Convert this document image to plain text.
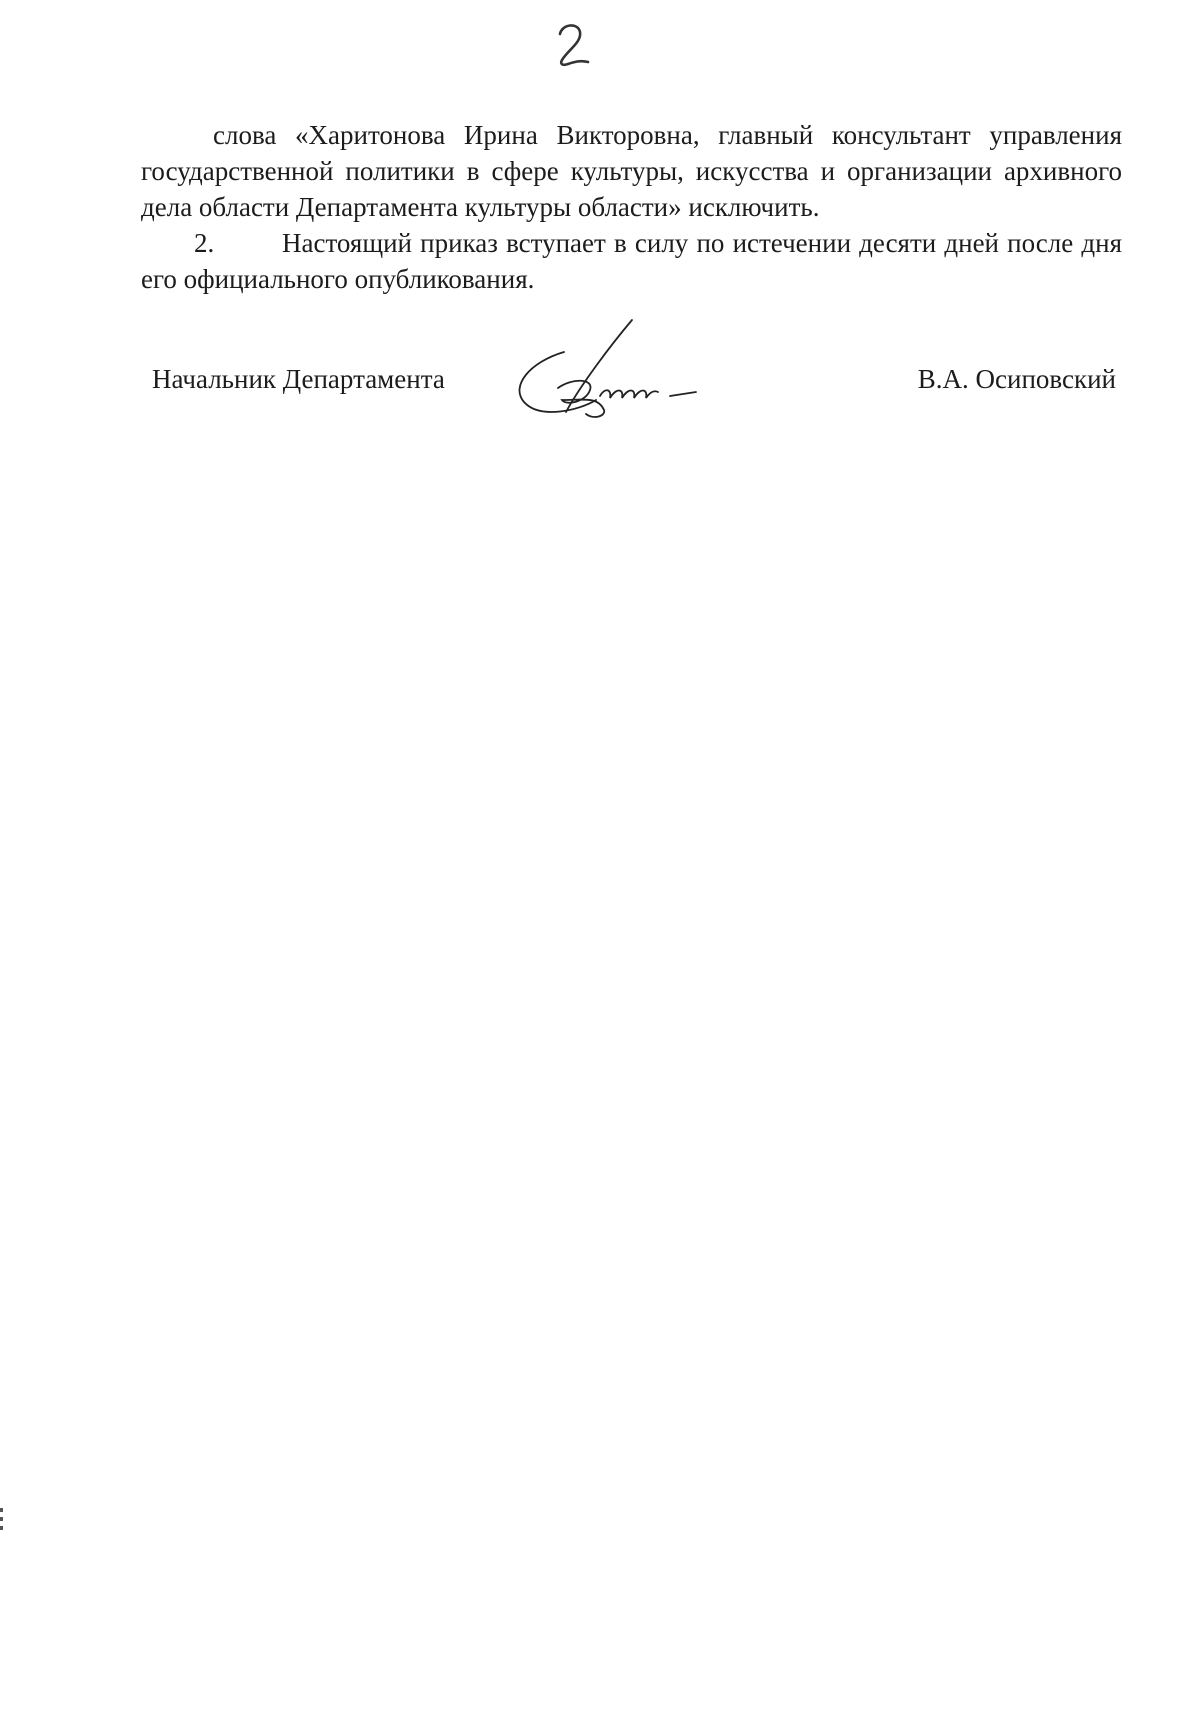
слова «Харитонова Ирина Викторовна, главный консультант управления государственной политики в сфере культуры, искусства и организации архивного дела области Департамента культуры области» исключить.

2.	Настоящий приказ вступает в силу по истечении десяти дней после дня его официального опубликования.

Начальник Департамента	В.А. Осиповский
